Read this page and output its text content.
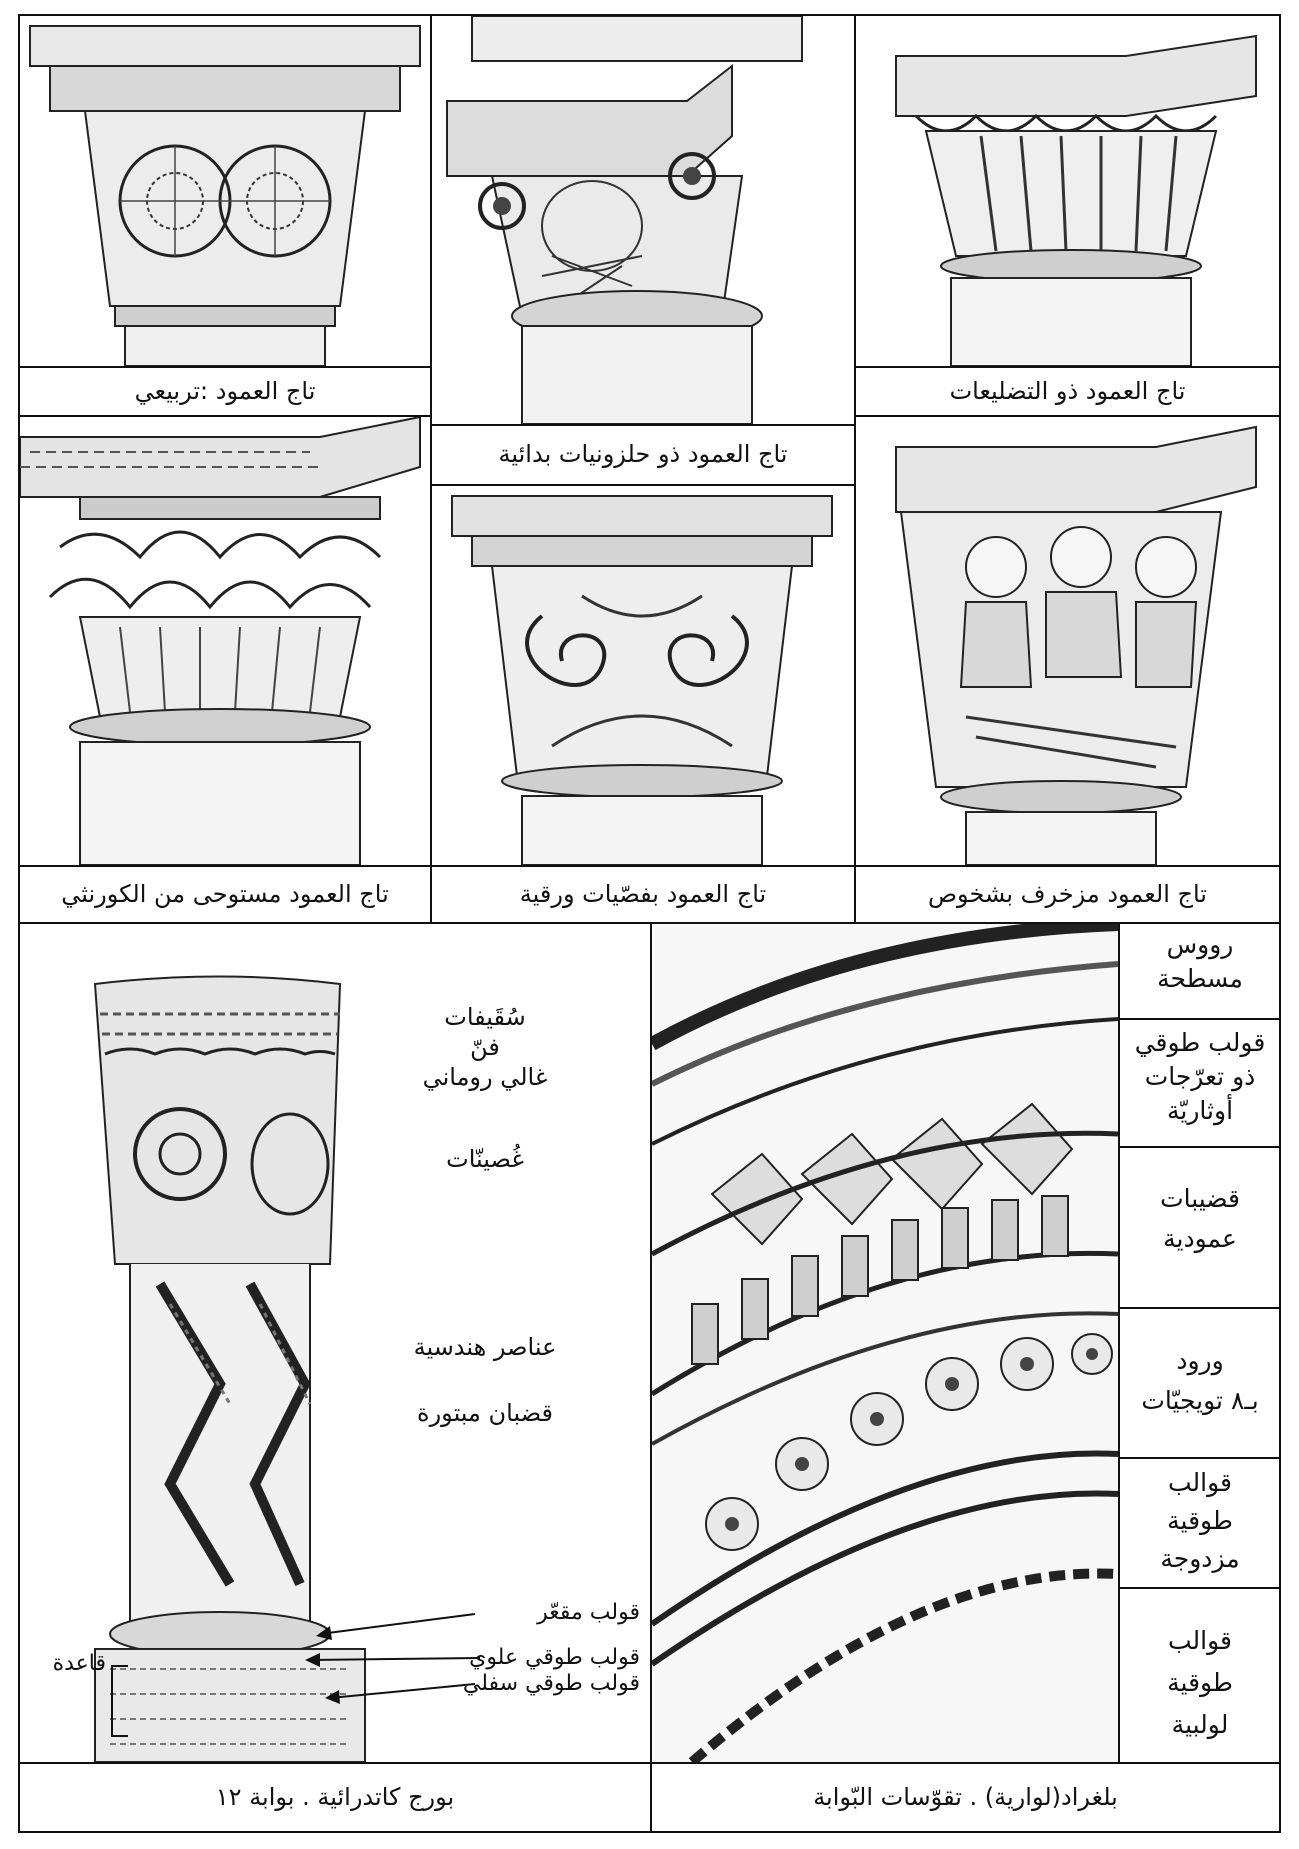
تاج العمود :تربيعي
تاج العمود ذو حلزونيات بدائية
تاج العمود ذو التضليعات
تاج العمود مستوحى من الكورنثي	تاج العمود بفصّيات ورقية	تاج العمود مزخرف بشخوص
سُقَيفات
فنّ
غالي روماني
غُصينّات
عناصر هندسية
قضبان مبتورة
قولب مقعّر
قولب طوقي علوي
قولب طوقي سفلي
قاعدة
بورج كاتدرائية . بوابة ١٢
رووس
مسطحة
قولب طوقي
ذو تعرّجات
أوثاريّة
قضيبات
عمودية
ورود
بـ٨ تويجيّات
قوالب
طوقية
مزدوجة
قوالب
طوقية
لولبية
بلغراد(لوارية) . تقوّسات البّوابة
